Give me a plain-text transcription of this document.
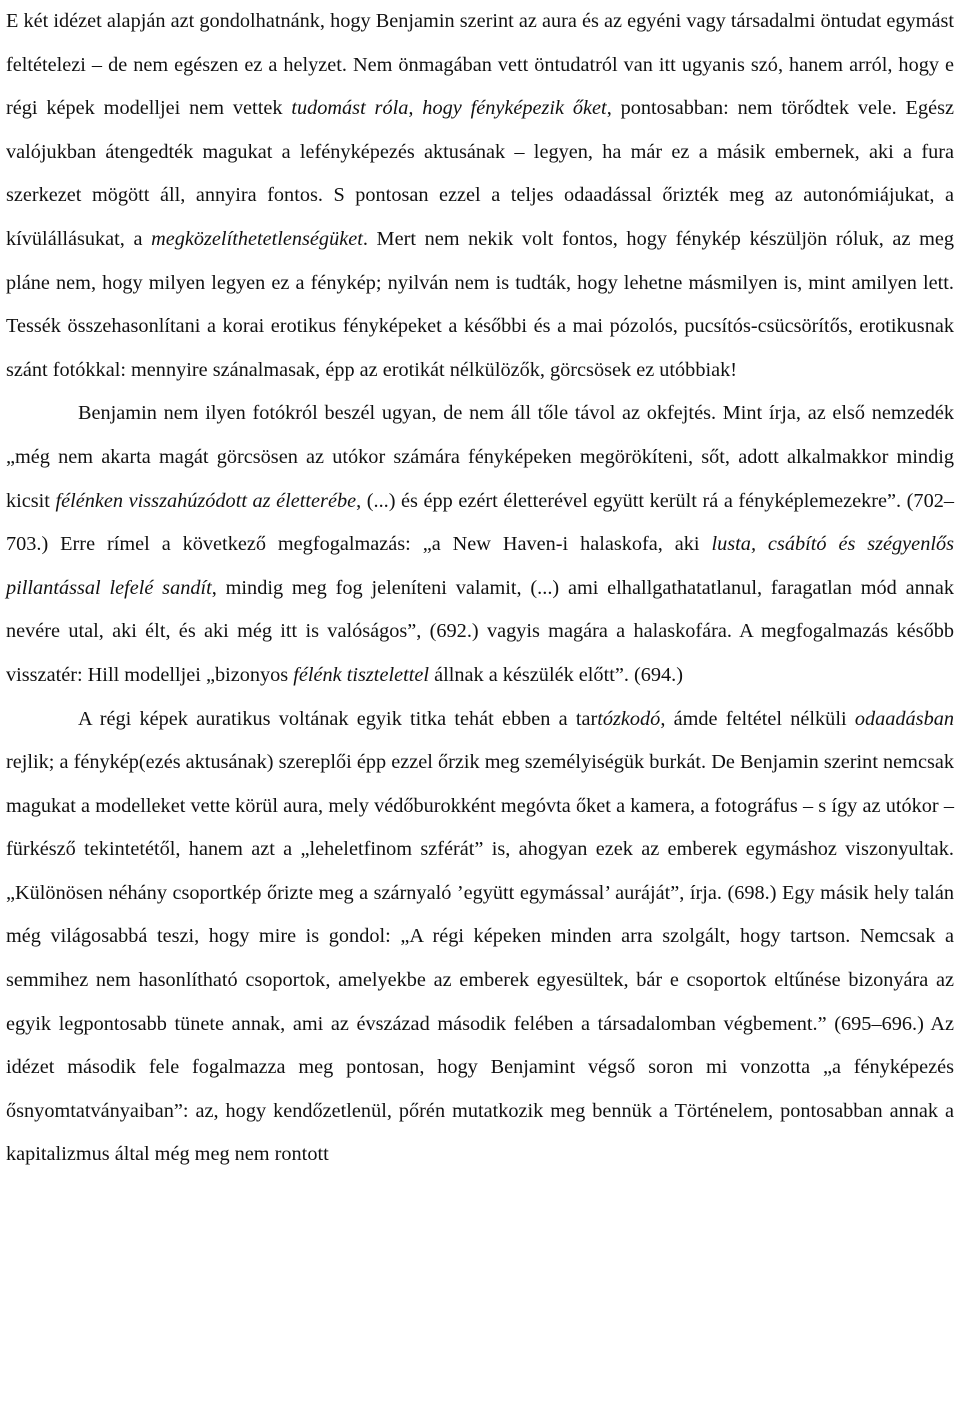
E két idézet alapján azt gondolhatnánk, hogy Benjamin szerint az aura és az egyéni vagy társadalmi öntudat egymást feltételezi – de nem egészen ez a helyzet. Nem önmagában vett öntudatról van itt ugyanis szó, hanem arról, hogy e régi képek modelljei nem vettek tudomást róla, hogy fényképezik őket, pontosabban: nem törődtek vele. Egész valójukban átengedték magukat a lefényképezés aktusának – legyen, ha már ez a másik embernek, aki a fura szerkezet mögött áll, annyira fontos. S pontosan ezzel a teljes odaadással őrizték meg az autonómiájukat, a kívülállásukat, a megközelíthetetlenségüket. Mert nem nekik volt fontos, hogy fénykép készüljön róluk, az meg pláne nem, hogy milyen legyen ez a fénykép; nyilván nem is tudták, hogy lehetne másmilyen is, mint amilyen lett. Tessék összehasonlítani a korai erotikus fényképeket a későbbi és a mai pózolós, pucsítós-csücsörítős, erotikusnak szánt fotókkal: mennyire szánalmasak, épp az erotikát nélkülözők, görcsösek ez utóbbiak!

Benjamin nem ilyen fotókról beszél ugyan, de nem áll tőle távol az okfejtés. Mint írja, az első nemzedék „még nem akarta magát görcsösen az utókor számára fényképeken megörökíteni, sőt, adott alkalmakkor mindig kicsit félénken visszahúzódott az életterébe, (...) és épp ezért életterével együtt került rá a fényképlemezekre”. (702–703.) Erre rímel a következő megfogalmazás: „a New Haven-i halaskofa, aki lusta, csábító és szégyenlős pillantással lefelé sandít, mindig meg fog jeleníteni valamit, (...) ami elhallgathatatlanul, faragatlan mód annak nevére utal, aki élt, és aki még itt is valóságos”, (692.) vagyis magára a halaskofára. A megfogalmazás később visszatér: Hill modelljei „bizonyos félénk tisztelettel állnak a készülék előtt”. (694.)

A régi képek auratikus voltának egyik titka tehát ebben a tartózkodó, ámde feltétel nélküli odaadásban rejlik; a fénykép(ezés aktusának) szereplői épp ezzel őrzik meg személyiségük burkát. De Benjamin szerint nemcsak magukat a modelleket vette körül aura, mely védőburokként megóvta őket a kamera, a fotográfus – s így az utókor – fürkésző tekintetétől, hanem azt a „leheletfinom szférát” is, ahogyan ezek az emberek egymáshoz viszonyultak. „Különösen néhány csoportkép őrizte meg a szárnyaló ’együtt egymással’ auráját”, írja. (698.) Egy másik hely talán még világosabbá teszi, hogy mire is gondol: „A régi képeken minden arra szolgált, hogy tartson. Nemcsak a semmihez nem hasonlítható csoportok, amelyekbe az emberek egyesültek, bár e csoportok eltűnése bizonyára az egyik legpontosabb tünete annak, ami az évszázad második felében a társadalomban végbement.” (695–696.) Az idézet második fele fogalmazza meg pontosan, hogy Benjamint végső soron mi vonzotta „a fényképezés ősnyomtatványaiban”: az, hogy kendőzetlenül, pőrén mutatkozik meg bennük a Történelem, pontosabban annak a kapitalizmus által még meg nem rontott
